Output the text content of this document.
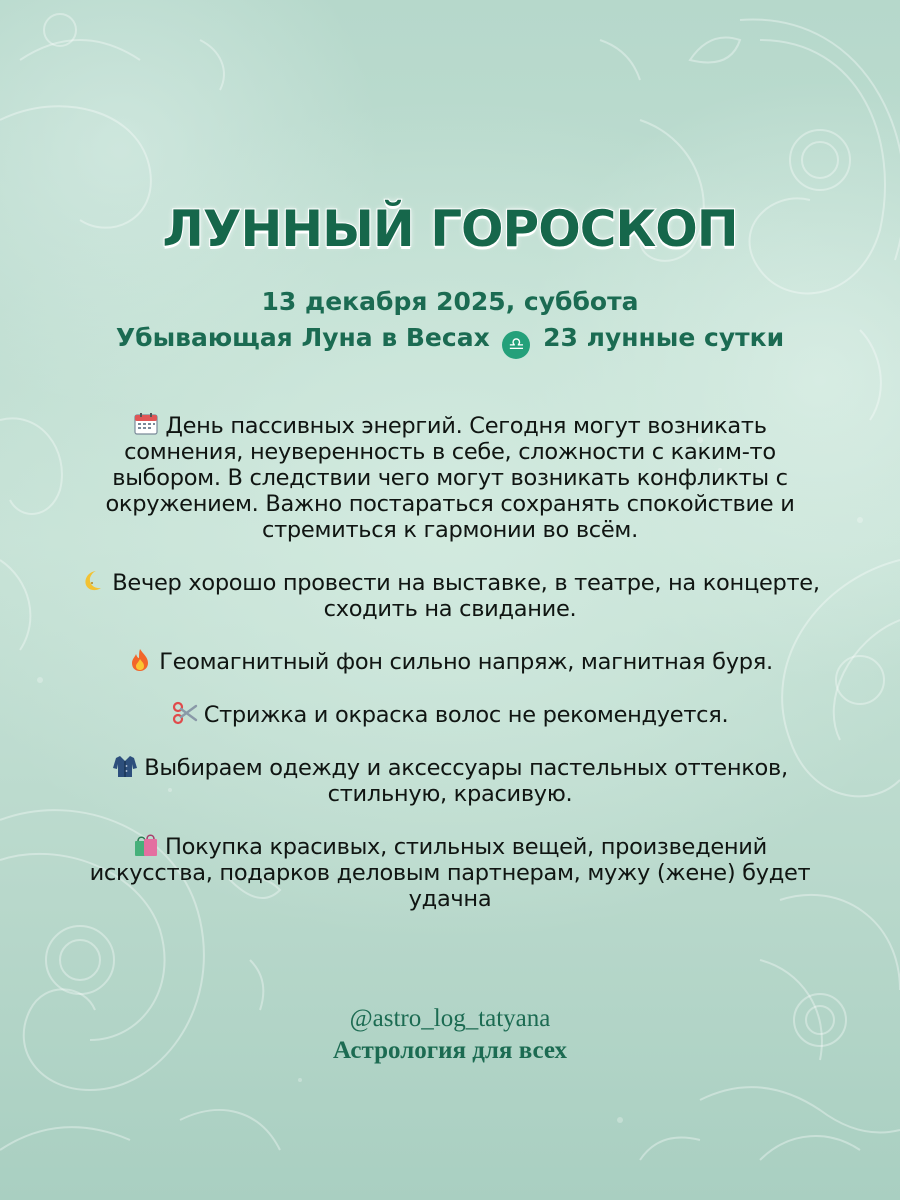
ЛУННЫЙ ГОРОСКОП
13 декабря 2025, суббота
Убывающая Луна в Весах ♎ 23 лунные сутки

День пассивных энергий. Сегодня могут возникать сомнения, неуверенность в себе, сложности с каким-то выбором. В следствии чего могут возникать конфликты с окружением. Важно постараться сохранять спокойствие и стремиться к гармонии во всём.

Вечер хорошо провести на выставке, в театре, на концерте, сходить на свидание.

Геомагнитный фон сильно напряж, магнитная буря.

Стрижка и окраска волос не рекомендуется.

Выбираем одежду и аксессуары пастельных оттенков, стильную, красивую.

Покупка красивых, стильных вещей, произведений искусства, подарков деловым партнерам, мужу (жене) будет удачна

@astro_log_tatyana
Астрология для всех
